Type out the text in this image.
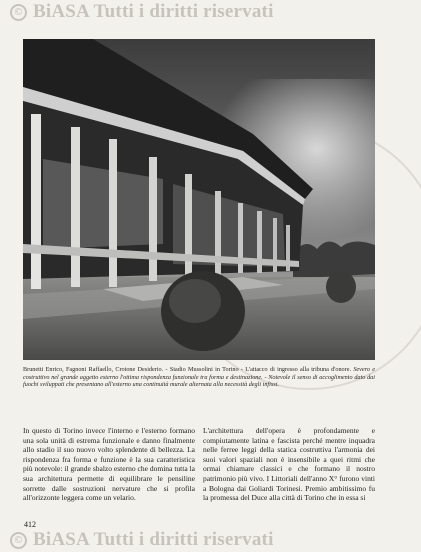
© BiASA Tutti i diritti riservati
Brunetti Enrico, Fagnoni Raffaello, Crotone Desiderio. - Stadio Mussolini in Torino - L'attacco di ingresso alla tribuna d'onore. Severo e costruttivo nel grande aggetto esterno l'ottima rispondenza funzionale tra forma e destinazione. - Notevole il senso di accoglimento dato dai fuochi sviluppati che presentano all'esterno una continuità murale alternata alla necessità degli infissi.
In questo di Torino invece l'interno e l'esterno formano una sola unità di estrema funzionale e danno finalmente allo stadio il suo nuovo volto splendente di bellezza. La rispondenza fra forma e funzione è la sua caratteristica più notevole: il grande sbalzo esterno che domina tutta la sua architettura permette di equilibrare le pensiline sorrette dalle sostruzioni nervature che si profila all'orizzonte leggera come un velario.
L'architettura dell'opera è profondamente e compiutamente latina e fascista perché mentre inquadra nelle ferree leggi della statica costruttiva l'armonia dei suoi valori spaziali non è insensibile a quei ritmi che ormai chiamare classici e che formano il nostro patrimonio più vivo. I Littoriali dell'anno X° furono vinti a Bologna dai Goliardi Torinesi. Premio ambitissimo fu la promessa del Duce alla città di Torino che in essa si
412
© BiASA Tutti i diritti riservati
